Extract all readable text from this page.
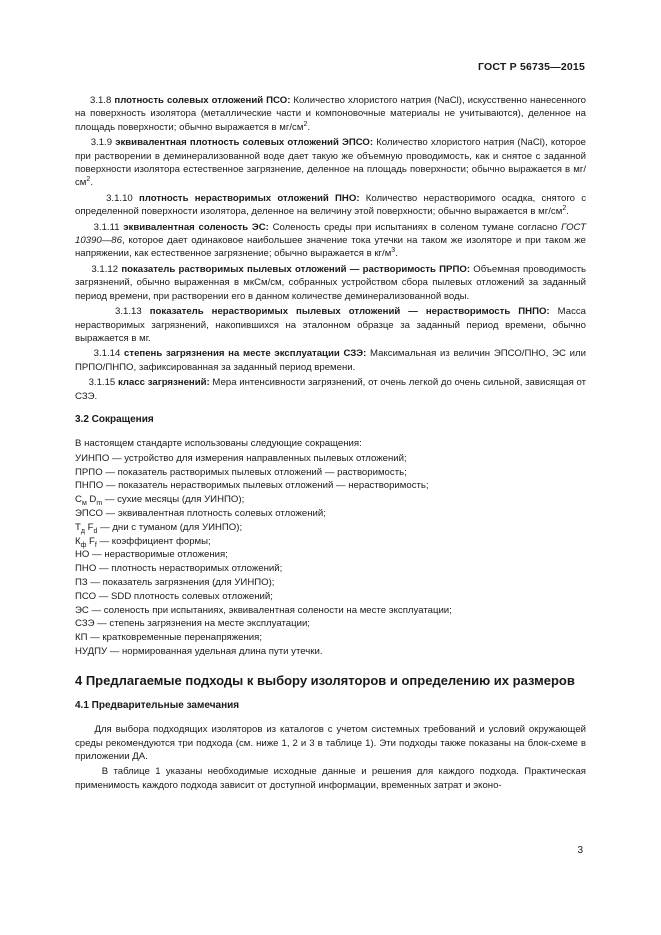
ГОСТ Р 56735—2015

3.1.8 плотность солевых отложений ПСО: Количество хлористого натрия (NaCl), искусственно нанесенного на поверхность изолятора (металлические части и компоновочные материалы не учитываются), деленное на площадь поверхности; обычно выражается в $мг/см^2$.

3.1.9 эквивалентная плотность солевых отложений ЭПСО: Количество хлористого натрия (NaCl), которое при растворении в деминерализованной воде дает такую же объемную проводимость, как и снятое с заданной поверхности изолятора естественное загрязнение, деленное на площадь поверхности; обычно выражается в $мг/см^2$.

3.1.10 плотность нерастворимых отложений ПНО: Количество нерастворимого осадка, снятого с определенной поверхности изолятора, деленное на величину этой поверхности; обычно выражается в $мг/см^2$.

3.1.11 эквивалентная соленость ЭС: Соленость среды при испытаниях в соленом тумане согласно ГОСТ 10390—86, которое дает одинаковое наибольшее значение тока утечки на таком же изоляторе и при таком же напряжении, как естественное загрязнение; обычно выражается в $кг/м^3$.

3.1.12 показатель растворимых пылевых отложений — растворимость ПРПО: Объемная проводимость загрязнений, обычно выраженная в мкСм/см, собранных устройством сбора пылевых отложений за заданный период времени, при растворении его в данном количестве деминерализованной воды.

3.1.13 показатель нерастворимых пылевых отложений — нерастворимость ПНПО: Масса нерастворимых загрязнений, накопившихся на эталонном образце за заданный период времени, обычно выражается в мг.

3.1.14 степень загрязнения на месте эксплуатации СЗЭ: Максимальная из величин ЭПСО/ПНО, ЭС или ПРПО/ПНПО, зафиксированная за заданный период времени.

3.1.15 класс загрязнений: Мера интенсивности загрязнений, от очень легкой до очень сильной, зависящая от СЗЭ.

3.2 Сокращения

В настоящем стандарте использованы следующие сокращения:

УИНПО — устройство для измерения направленных пылевых отложений;

ПРПО — показатель растворимых пылевых отложений — растворимость;

ПНПО — показатель нерастворимых пылевых отложений — нерастворимость;

$С_м$ $D_m$ — сухие месяцы (для УИНПО);

ЭПСО — эквивалентная плотность солевых отложений;

$Т_д$ $F_d$ — дни с туманом (для УИНПО);

$К_ф$ $F_f$ — коэффициент формы;

НО — нерастворимые отложения;

ПНО — плотность нерастворимых отложений;

ПЗ — показатель загрязнения (для УИНПО);

ПСО — SDD плотность солевых отложений;

ЭС — соленость при испытаниях, эквивалентная солености на месте эксплуатации;

СЗЭ — степень загрязнения на месте эксплуатации;

КП — кратковременные перенапряжения;

НУДПУ — нормированная удельная длина пути утечки.

4 Предлагаемые подходы к выбору изоляторов и определению их размеров
4.1 Предварительные замечания

Для выбора подходящих изоляторов из каталогов с учетом системных требований и условий окружающей среды рекомендуются три подхода (см. ниже 1, 2 и 3 в таблице 1). Эти подходы также показаны на блок-схеме в приложении ДА.

В таблице 1 указаны необходимые исходные данные и решения для каждого подхода. Практическая применимость каждого подхода зависит от доступной информации, временных затрат и эконо-

3
